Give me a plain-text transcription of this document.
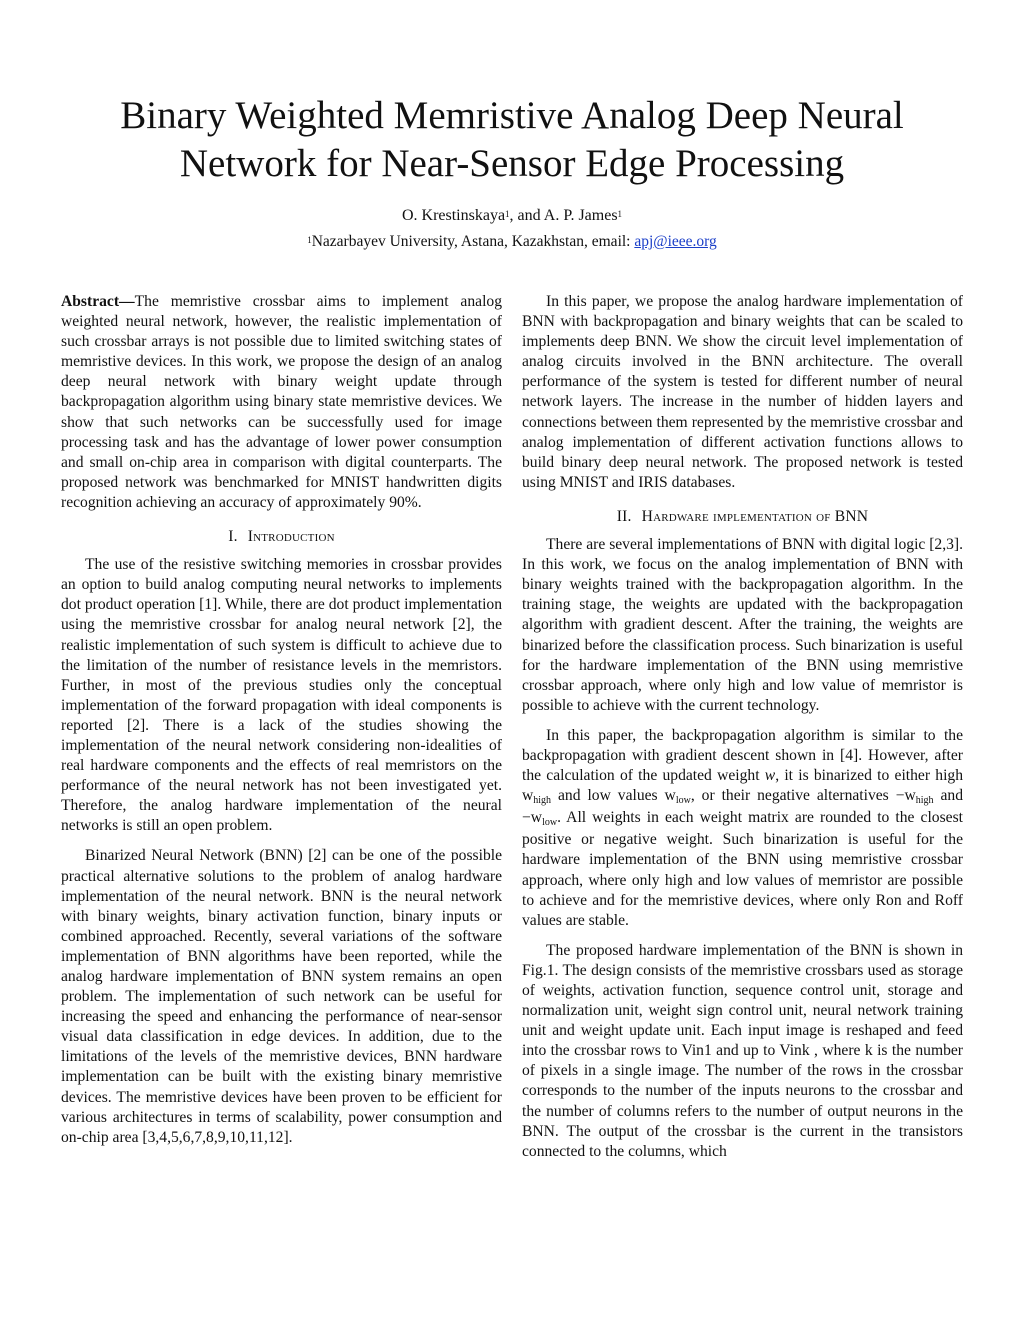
Binary Weighted Memristive Analog Deep Neural Network for Near-Sensor Edge Processing
O. Krestinskaya$^1$, and A. P. James$^1$
$^1$Nazarbayev University, Astana, Kazakhstan, email: apj@ieee.org

Abstract—The memristive crossbar aims to implement analog weighted neural network, however, the realistic implementation of such crossbar arrays is not possible due to limited switching states of memristive devices. In this work, we propose the design of an analog deep neural network with binary weight update through backpropagation algorithm using binary state memristive devices. We show that such networks can be successfully used for image processing task and has the advantage of lower power consumption and small on-chip area in comparison with digital counterparts. The proposed network was benchmarked for MNIST handwritten digits recognition achieving an accuracy of approximately 90%.

I. Introduction

The use of the resistive switching memories in crossbar provides an option to build analog computing neural networks to implements dot product operation [1]. While, there are dot product implementation using the memristive crossbar for analog neural network [2], the realistic implementation of such system is difficult to achieve due to the limitation of the number of resistance levels in the memristors. Further, in most of the previous studies only the conceptual implementation of the forward propagation with ideal components is reported [2]. There is a lack of the studies showing the implementation of the neural network considering non-idealities of real hardware components and the effects of real memristors on the performance of the neural network has not been investigated yet. Therefore, the analog hardware implementation of the neural networks is still an open problem.

Binarized Neural Network (BNN) [2] can be one of the possible practical alternative solutions to the problem of analog hardware implementation of the neural network. BNN is the neural network with binary weights, binary activation function, binary inputs or combined approached. Recently, several variations of the software implementation of BNN algorithms have been reported, while the analog hardware implementation of BNN system remains an open problem. The implementation of such network can be useful for increasing the speed and enhancing the performance of near-sensor visual data classification in edge devices. In addition, due to the limitations of the levels of the memristive devices, BNN hardware implementation can be built with the existing binary memristive devices. The memristive devices have been proven to be efficient for various architectures in terms of scalability, power consumption and on-chip area [3,4,5,6,7,8,9,10,11,12].

In this paper, we propose the analog hardware implementation of BNN with backpropagation and binary weights that can be scaled to implements deep BNN. We show the circuit level implementation of analog circuits involved in the BNN architecture. The overall performance of the system is tested for different number of neural network layers. The increase in the number of hidden layers and connections between them represented by the memristive crossbar and analog implementation of different activation functions allows to build binary deep neural network. The proposed network is tested using MNIST and IRIS databases.

II. Hardware implementation of BNN

There are several implementations of BNN with digital logic [2,3]. In this work, we focus on the analog implementation of BNN with binary weights trained with the backpropagation algorithm. In the training stage, the weights are updated with the backpropagation algorithm with gradient descent. After the training, the weights are binarized before the classification process. Such binarization is useful for the hardware implementation of the BNN using memristive crossbar approach, where only high and low value of memristor is possible to achieve with the current technology.

In this paper, the backpropagation algorithm is similar to the backpropagation with gradient descent shown in [4]. However, after the calculation of the updated weight w, it is binarized to either high $w_{high}$ and low values $w_{low}$, or their negative alternatives $-w_{high}$ and $-w_{low}$. All weights in each weight matrix are rounded to the closest positive or negative weight. Such binarization is useful for the hardware implementation of the BNN using memristive crossbar approach, where only high and low values of memristor are possible to achieve and for the memristive devices, where only Ron and Roff values are stable.

The proposed hardware implementation of the BNN is shown in Fig.1. The design consists of the memristive crossbars used as storage of weights, activation function, sequence control unit, storage and normalization unit, weight sign control unit, neural network training unit and weight update unit. Each input image is reshaped and feed into the crossbar rows to Vin1 and up to Vink , where k is the number of pixels in a single image. The number of the rows in the crossbar corresponds to the number of the inputs neurons to the crossbar and the number of columns refers to the number of output neurons in the BNN. The output of the crossbar is the current in the transistors connected to the columns, which
